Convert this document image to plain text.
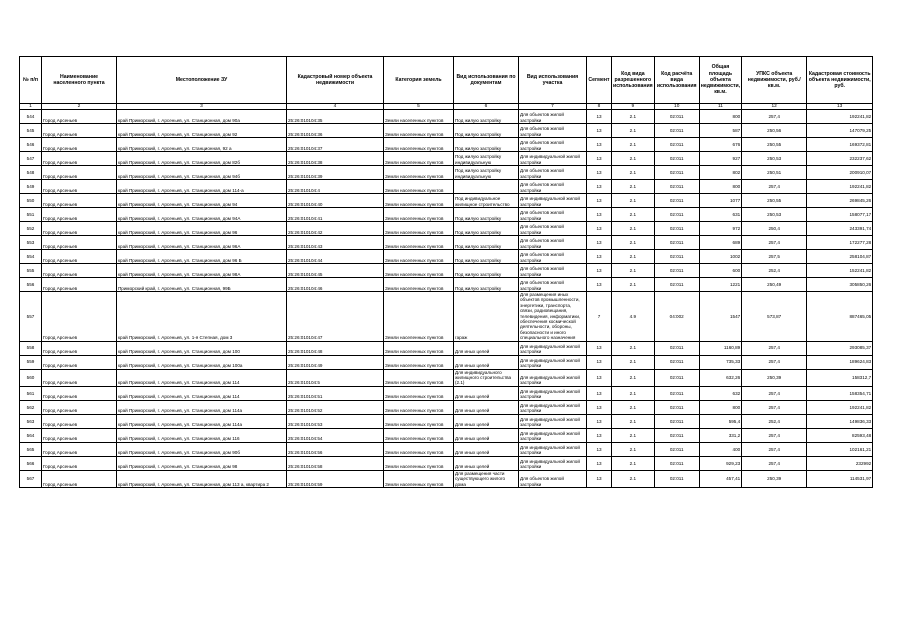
№ п/п	Наименование населенного пункта	Местоположение ЗУ	Кадастровый номер объекта недвижимости	Категория земель	Вид использования по документам	Вид использования участка	Сегмент	Код вида разрешенного использования	Код расчёта вида использования	Общая площадь объекта недвижимости, кв.м.	УПКС объекта недвижимости, руб./кв.м.	Кадастровая стоимость объекта недвижимости, руб.
1	2	3	4	5	6	7	8	9	10	11	12	13
544	Город Арсеньев	край Приморский, г. Арсеньев, ул. Станционная, дом 90а	25:26:010104:35	Земли населенных пунктов	Под жилую застройку	Для объектов жилой застройки	13	2.1	02:011	800	257,4	192241,82
545	Город Арсеньев	край Приморский, г. Арсеньев, ул. Станционная, дом 92	25:26:010104:36	Земли населенных пунктов	Под жилую застройку	Для объектов жилой застройки	13	2.1	02:011	587	250,56	147079,25
546	Город Арсеньев	край Приморский, г. Арсеньев, ул. Станционная, 92 а	25:26:010104:37	Земли населенных пунктов	Под жилую застройку	Для объектов жилой застройки	13	2.1	02:011	676	250,55	169372,81
547	Город Арсеньев	край Приморский, г. Арсеньев, ул. Станционная, дом 82б	25:26:010104:38	Земли населенных пунктов	Под жилую застройку индивидуальную	Для индивидуальной жилой застройки	13	2.1	02:011	927	250,53	232237,62
548	Город Арсеньев	край Приморский, г. Арсеньев, ул. Станционная, дом 94б	25:26:010104:39	Земли населенных пунктов	Под жилую застройку индивидуальную	Для объектов жилой застройки	13	2.1	02:011	802	250,51	200910,07
549	Город Арсеньев	край Приморский, г. Арсеньев, ул. Станционная, дом 114-а	25:26:010104:4	Земли населенных пунктов		Для объектов жилой застройки	13	2.1	02:011	800	257,4	192241,82
550	Город Арсеньев	край Приморский, г. Арсеньев, ул. Станционная, дом 94	25:26:010104:40	Земли населенных пунктов	Под индивидуальное жилищное строительство	Для индивидуальной жилой застройки	13	2.1	02:011	1077	250,55	269845,26
551	Город Арсеньев	край Приморский, г. Арсеньев, ул. Станционная, дом 94А	25:26:010104:41	Земли населенных пунктов	Под жилую застройку	Для объектов жилой застройки	13	2.1	02:011	631	250,53	158077,17
552	Город Арсеньев	край Приморский, г. Арсеньев, ул. Станционная, дом 96	25:26:010104:42	Земли населенных пунктов	Под жилую застройку	Для объектов жилой застройки	13	2.1	02:011	972	250,4	243391,74
553	Город Арсеньев	край Приморский, г. Арсеньев, ул. Станционная, дом 96А	25:26:010104:43	Земли населенных пунктов	Под жилую застройку	Для объектов жилой застройки	13	2.1	02:011	689	257,4	172277,28
554	Город Арсеньев	край Приморский, г. Арсеньев, ул. Станционная, дом 96 Б	25:26:010104:44	Земли населенных пунктов	Под жилую застройку	Для объектов жилой застройки	13	2.1	02:011	1002	257,5	258104,87
555	Город Арсеньев	край Приморский, г. Арсеньев, ул. Станционная, дом 98А	25:26:010104:45	Земли населенных пунктов	Под жилую застройку	Для объектов жилой застройки	13	2.1	02:011	600	252,4	152241,82
556	Город Арсеньев	Приморский край, г. Арсеньев, ул. Станционная, 99Б	25:26:010104:46	Земли населенных пунктов	Под жилую застройку	Для объектов жилой застройки	13	2.1	02:011	1221	250,49	305850,26
557	Город Арсеньев	край Приморский, г. Арсеньев, ул. 1-я Степная, дом 3	25:26:010104:47	Земли населенных пунктов	гараж	Для размещения иных объектов промышленности, энергетики, транспорта, связи, радиовещания, телевидения, информатики, обеспечения космической деятельности, обороны, безопасности и иного специального назначения	7	4.9	04:002	1547	573,87	887465,05
558	Город Арсеньев	край Приморский, г. Арсеньев, ул. Станционная, дом 100	25:26:010104:48	Земли населенных пунктов	Для иных целей	Для индивидуальной жилой застройки	13	2.1	02:011	1160,89	257,4	293085,37
559	Город Арсеньев	край Приморский, г. Арсеньев, ул. Станционная, дом 100а	25:26:010104:49	Земли населенных пунктов	Для иных целей	Для индивидуальной жилой застройки	13	2.1	02:011	735,33	257,4	189624,83
560	Город Арсеньев	край Приморский, г. Арсеньев, ул. Станционная, дом 114	25:26:010104:5	Земли населенных пунктов	Для индивидуального жилищного строительства (2.1)	Для индивидуальной жилой застройки	13	2.1	02:011	632,26	250,39	158312,7
561	Город Арсеньев	край Приморский, г. Арсеньев, ул. Станционная, дом 114	25:26:010104:51	Земли населенных пунктов	Для иных целей	Для индивидуальной жилой застройки	13	2.1	02:011	632	257,4	158354,71
562	Город Арсеньев	край Приморский, г. Арсеньев, ул. Станционная, дом 114а	25:26:010104:52	Земли населенных пунктов	Для иных целей	Для индивидуальной жилой застройки	13	2.1	02:011	800	257,4	192241,82
563	Город Арсеньев	край Приморский, г. Арсеньев, ул. Станционная, дом 114а	25:26:010104:53	Земли населенных пунктов	Для иных целей	Для индивидуальной жилой застройки	13	2.1	02:011	595,4	252,4	149836,33
564	Город Арсеньев	край Приморский, г. Арсеньев, ул. Станционная, дом 116	25:26:010104:54	Земли населенных пунктов	Для иных целей	Для индивидуальной жилой застройки	13	2.1	02:011	331,2	257,4	82593,48
565	Город Арсеньев	край Приморский, г. Арсеньев, ул. Станционная, дом 90б	25:26:010104:56	Земли населенных пунктов	Для иных целей	Для индивидуальной жилой застройки	13	2.1	02:011	400	257,4	102161,21
566	Город Арсеньев	край Приморский, г. Арсеньев, ул. Станционная, дом 98	25:26:010104:58	Земли населенных пунктов	Для иных целей	Для индивидуальной жилой застройки	13	2.1	02:011	929,23	257,4	232992
567	Город Арсеньев	край Приморский, г. Арсеньев, ул. Станционная, дом 113 а, квартира 2	25:26:010104:59	Земли населенных пунктов	Для размещения части существующего жилого дома	Для объектов жилой застройки	13	2.1	02:011	457,41	250,39	114531,97
